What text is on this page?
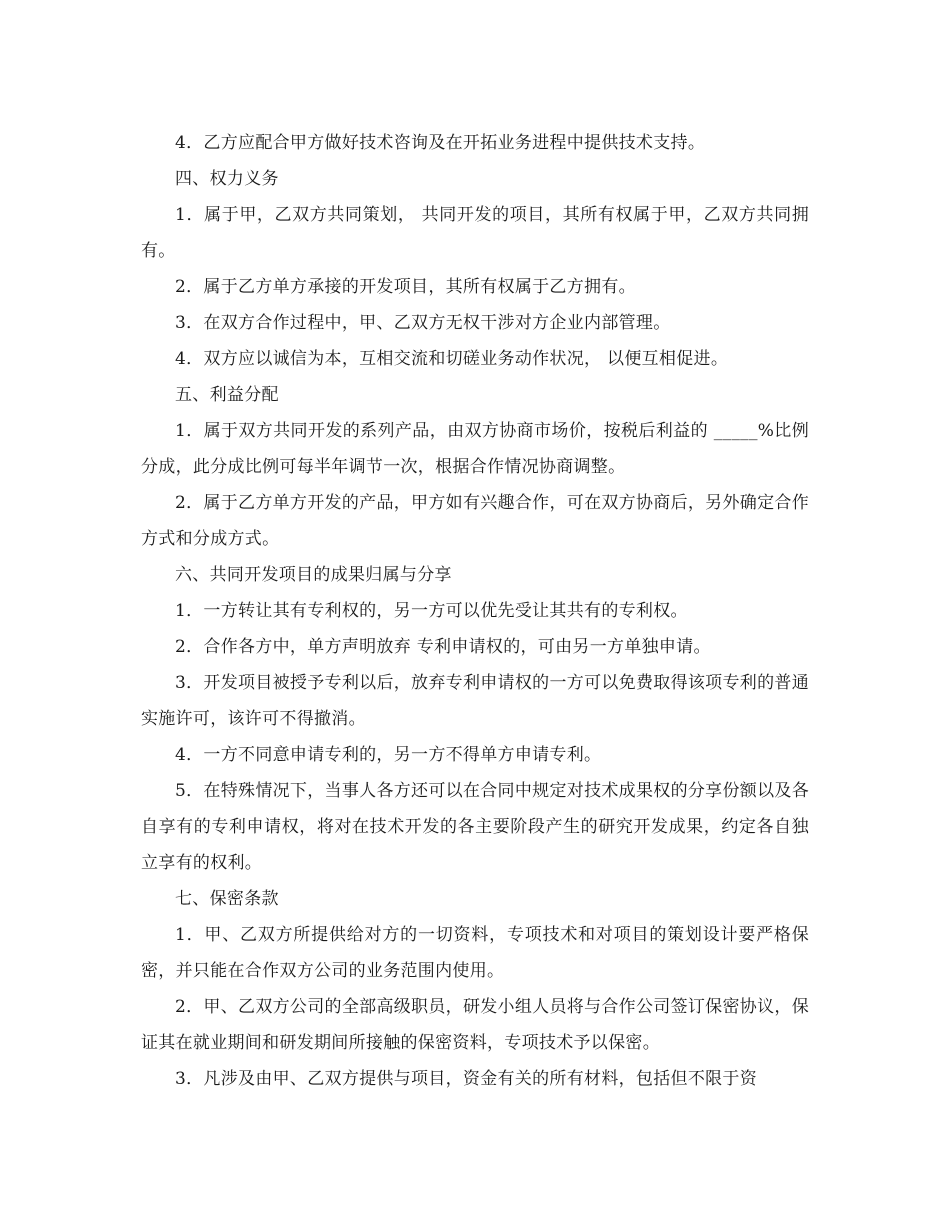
4．乙方应配合甲方做好技术咨询及在开拓业务进程中提供技术支持。

四、权力义务

1．属于甲，乙双方共同策划， 共同开发的项目，其所有权属于甲，乙双方共同拥有。

2．属于乙方单方承接的开发项目，其所有权属于乙方拥有。

3．在双方合作过程中，甲、乙双方无权干涉对方企业内部管理。

4．双方应以诚信为本，互相交流和切磋业务动作状况， 以便互相促进。

五、利益分配

1．属于双方共同开发的系列产品，由双方协商市场价，按税后利益的 _____%比例分成，此分成比例可每半年调节一次，根据合作情况协商调整。

2．属于乙方单方开发的产品，甲方如有兴趣合作，可在双方协商后，另外确定合作方式和分成方式。

六、共同开发项目的成果归属与分享

1．一方转让其有专利权的，另一方可以优先受让其共有的专利权。

2．合作各方中，单方声明放弃 专利申请权的，可由另一方单独申请。

3．开发项目被授予专利以后，放弃专利申请权的一方可以免费取得该项专利的普通实施许可，该许可不得撤消。

4．一方不同意申请专利的，另一方不得单方申请专利。

5．在特殊情况下，当事人各方还可以在合同中规定对技术成果权的分享份额以及各自享有的专利申请权，将对在技术开发的各主要阶段产生的研究开发成果，约定各自独立享有的权利。

七、保密条款

1．甲、乙双方所提供给对方的一切资料，专项技术和对项目的策划设计要严格保密，并只能在合作双方公司的业务范围内使用。

2．甲、乙双方公司的全部高级职员，研发小组人员将与合作公司签订保密协议，保证其在就业期间和研发期间所接触的保密资料，专项技术予以保密。

3．凡涉及由甲、乙双方提供与项目，资金有关的所有材料，包括但不限于资
